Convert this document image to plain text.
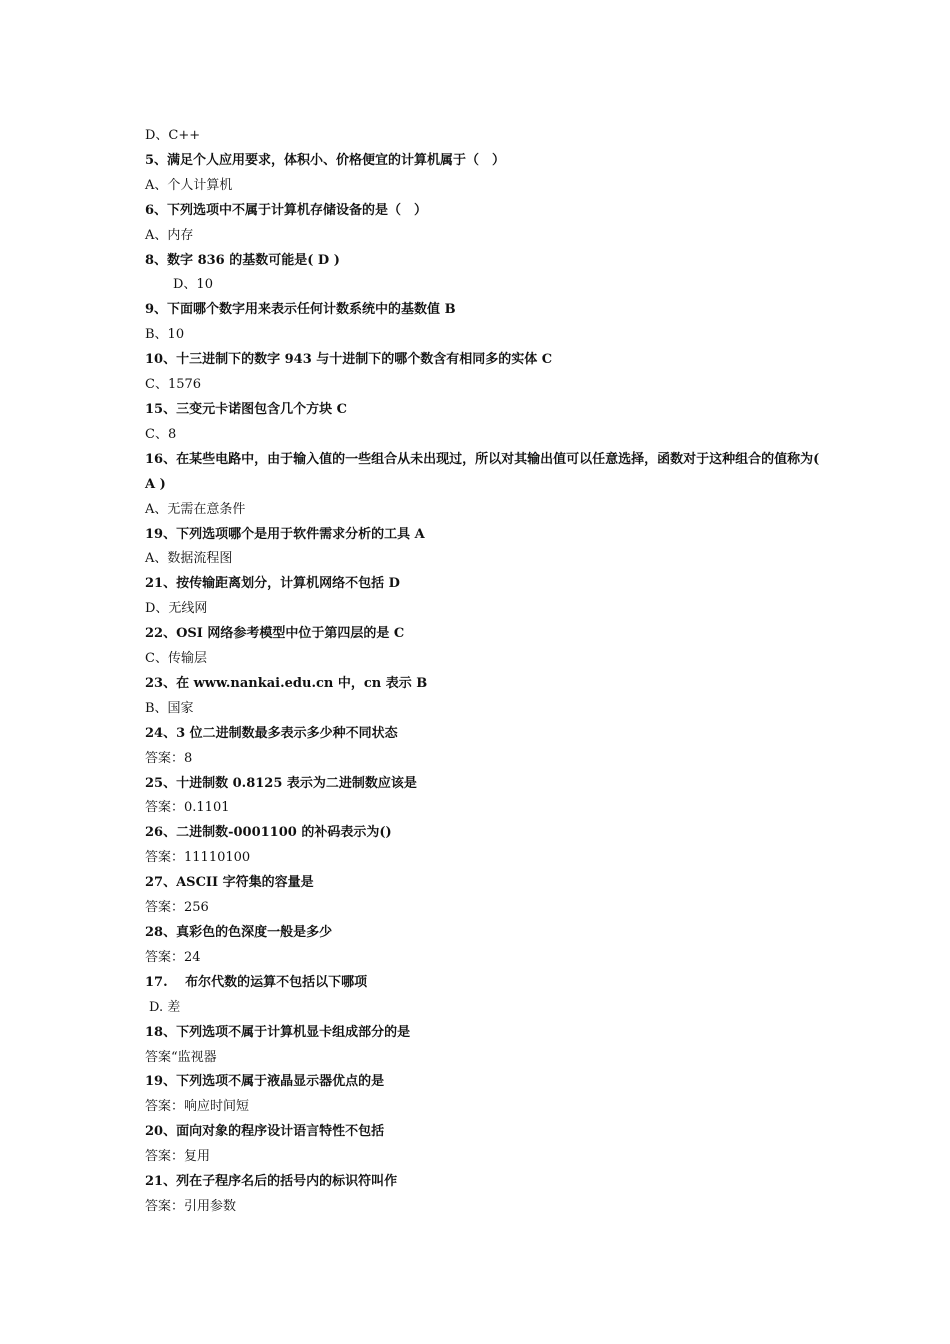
D、C++
5、满足个人应用要求，体积小、价格便宜的计算机属于（　）
A、个人计算机
6、下列选项中不属于计算机存储设备的是（　）
A、内存
8、数字 836 的基数可能是( D )
D、10
9、下面哪个数字用来表示任何计数系统中的基数值 B
B、10
10、十三进制下的数字 943 与十进制下的哪个数含有相同多的实体 C
C、1576
15、三变元卡诺图包含几个方块 C
C、8
16、在某些电路中，由于输入值的一些组合从未出现过，所以对其输出值可以任意选择，函数对于这种组合的值称为( A )
A、无需在意条件
19、下列选项哪个是用于软件需求分析的工具 A
A、数据流程图
21、按传输距离划分，计算机网络不包括 D
D、无线网
22、OSI 网络参考模型中位于第四层的是 C
C、传输层
23、在 www.nankai.edu.cn 中，cn 表示 B
B、国家
24、3 位二进制数最多表示多少种不同状态
答案：8
25、十进制数 0.8125 表示为二进制数应该是
答案：0.1101
26、二进制数-0001100 的补码表示为()
答案：11110100
27、ASCII 字符集的容量是
答案：256
28、真彩色的色深度一般是多少
答案：24
17.　 布尔代数的运算不包括以下哪项
D. 差
18、下列选项不属于计算机显卡组成部分的是
答案“监视器
19、下列选项不属于液晶显示器优点的是
答案：响应时间短
20、面向对象的程序设计语言特性不包括
答案：复用
21、列在子程序名后的括号内的标识符叫作
答案：引用参数
